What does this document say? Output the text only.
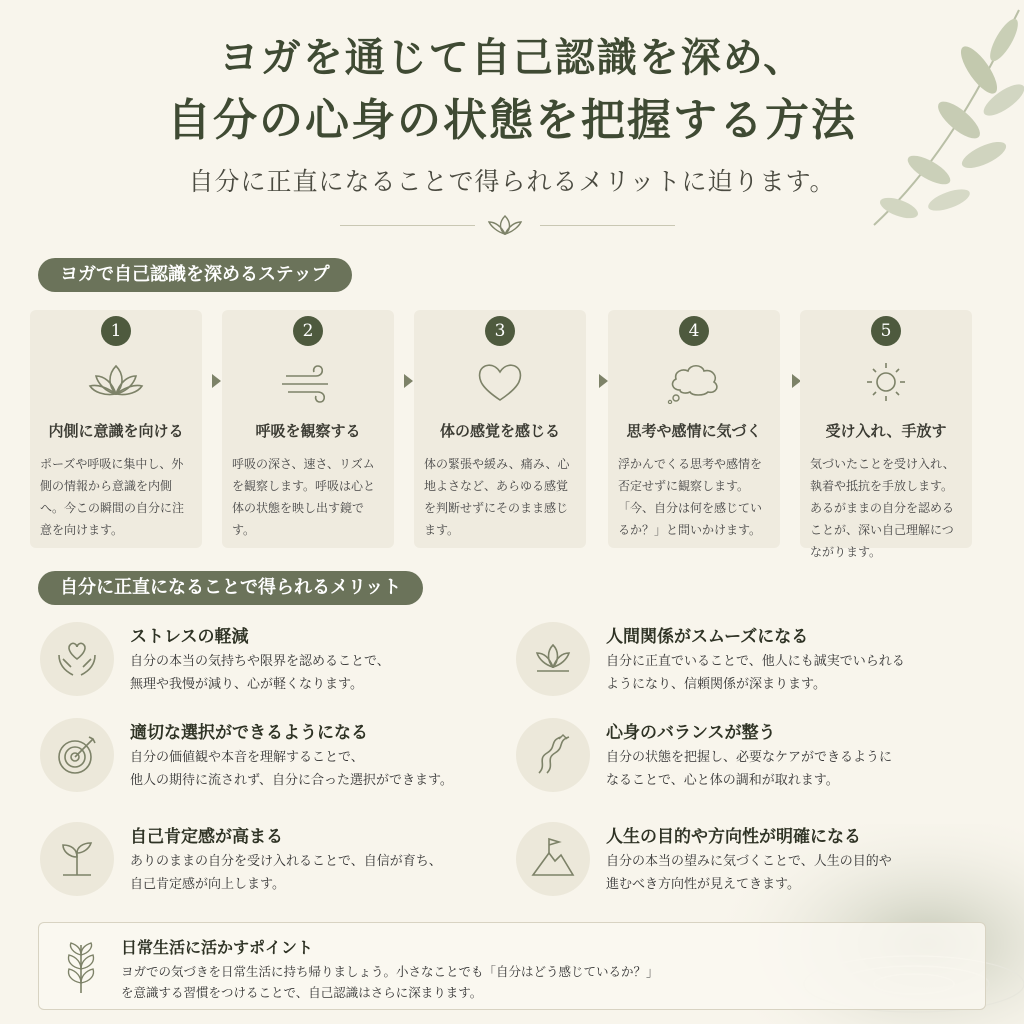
ヨガを通じて自己認識を深め、
自分の心身の状態を把握する方法
自分に正直になることで得られるメリットに迫ります。
ヨガで自己認識を深めるステップ
1
内側に意識を向ける
ポーズや呼吸に集中し、外側の情報から意識を内側へ。今この瞬間の自分に注意を向けます。
2
呼吸を観察する
呼吸の深さ、速さ、リズムを観察します。呼吸は心と体の状態を映し出す鏡です。
3
体の感覚を感じる
体の緊張や緩み、痛み、心地よさなど、あらゆる感覚を判断せずにそのまま感じます。
4
思考や感情に気づく
浮かんでくる思考や感情を否定せずに観察します。「今、自分は何を感じているか？」と問いかけます。
5
受け入れ、手放す
気づいたことを受け入れ、執着や抵抗を手放します。あるがままの自分を認めることが、深い自己理解につながります。
自分に正直になることで得られるメリット
ストレスの軽減
自分の本当の気持ちや限界を認めることで、
無理や我慢が減り、心が軽くなります。
人間関係がスムーズになる
自分に正直でいることで、他人にも誠実でいられる
ようになり、信頼関係が深まります。
適切な選択ができるようになる
自分の価値観や本音を理解することで、
他人の期待に流されず、自分に合った選択ができます。
心身のバランスが整う
自分の状態を把握し、必要なケアができるように
なることで、心と体の調和が取れます。
自己肯定感が高まる
ありのままの自分を受け入れることで、自信が育ち、
自己肯定感が向上します。
人生の目的や方向性が明確になる
自分の本当の望みに気づくことで、人生の目的や
進むべき方向性が見えてきます。
日常生活に活かすポイント
ヨガでの気づきを日常生活に持ち帰りましょう。小さなことでも「自分はどう感じているか？」を意識する習慣をつけることで、自己認識はさらに深まります。
